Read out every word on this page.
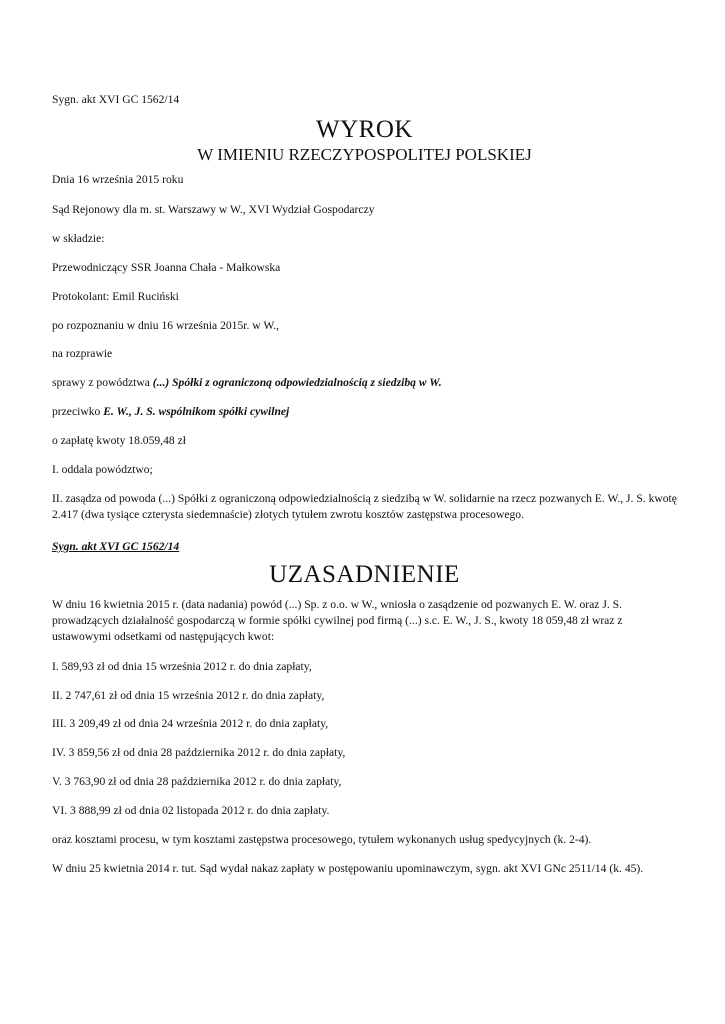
Sygn. akt XVI GC 1562/14

WYROK
W IMIENIU RZECZYPOSPOLITEJ POLSKIEJ

Dnia 16 września 2015 roku

Sąd Rejonowy dla m. st. Warszawy w W., XVI Wydział Gospodarczy

w składzie:

Przewodniczący SSR Joanna Chała - Małkowska

Protokolant: Emil Ruciński

po rozpoznaniu w dniu 16 września 2015r. w W.,

na rozprawie

sprawy z powództwa (...) Spółki z ograniczoną odpowiedzialnością z siedzibą w W.

przeciwko E. W., J. S. wspólnikom spółki cywilnej

o zapłatę kwoty 18.059,48 zł

I. oddala powództwo;

II. zasądza od powoda (...) Spółki z ograniczoną odpowiedzialnością z siedzibą w W. solidarnie na rzecz pozwanych E. W., J. S. kwotę 2.417 (dwa tysiące czterysta siedemnaście) złotych tytułem zwrotu kosztów zastępstwa procesowego.

Sygn. akt XVI GC 1562/14

UZASADNIENIE

W dniu 16 kwietnia 2015 r. (data nadania) powód (...) Sp. z o.o. w W., wniosła o zasądzenie od pozwanych E. W. oraz J. S. prowadzących działalność gospodarczą w formie spółki cywilnej pod firmą (...) s.c. E. W., J. S., kwoty 18 059,48 zł wraz z ustawowymi odsetkami od następujących kwot:

I. 589,93 zł od dnia 15 września 2012 r. do dnia zapłaty,

II. 2 747,61 zł od dnia 15 września 2012 r. do dnia zapłaty,

III. 3 209,49 zł od dnia 24 września 2012 r. do dnia zapłaty,

IV. 3 859,56 zł od dnia 28 października 2012 r. do dnia zapłaty,

V. 3 763,90 zł od dnia 28 października 2012 r. do dnia zapłaty,

VI. 3 888,99 zł od dnia 02 listopada 2012 r. do dnia zapłaty.

oraz kosztami procesu, w tym kosztami zastępstwa procesowego, tytułem wykonanych usług spedycyjnych (k. 2-4).

W dniu 25 kwietnia 2014 r. tut. Sąd wydał nakaz zapłaty w postępowaniu upominawczym, sygn. akt XVI GNc 2511/14 (k. 45).
